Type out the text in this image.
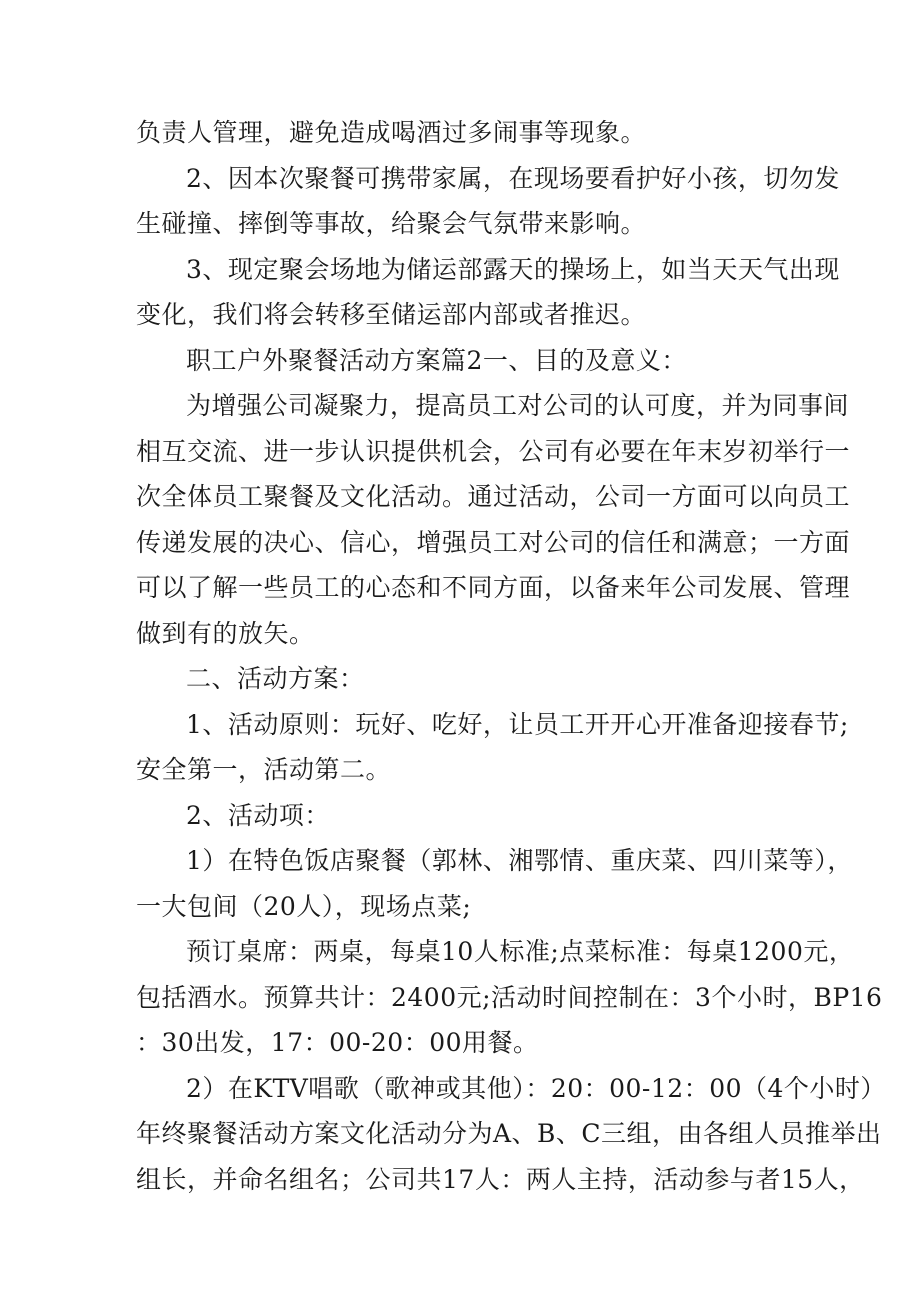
负责人管理，避免造成喝酒过多闹事等现象。
2、因本次聚餐可携带家属，在现场要看护好小孩，切勿发
生碰撞、摔倒等事故，给聚会气氛带来影响。
3、现定聚会场地为储运部露天的操场上，如当天天气出现
变化，我们将会转移至储运部内部或者推迟。
职工户外聚餐活动方案篇2一、目的及意义：
为增强公司凝聚力，提高员工对公司的认可度，并为同事间
相互交流、进一步认识提供机会，公司有必要在年末岁初举行一
次全体员工聚餐及文化活动。通过活动，公司一方面可以向员工
传递发展的决心、信心，增强员工对公司的信任和满意；一方面
可以了解一些员工的心态和不同方面，以备来年公司发展、管理
做到有的放矢。
二、活动方案：
1、活动原则：玩好、吃好，让员工开开心开准备迎接春节;
安全第一，活动第二。
2、活动项：
1）在特色饭店聚餐（郭林、湘鄂情、重庆菜、四川菜等），
一大包间（20人），现场点菜;
预订桌席：两桌，每桌10人标准;点菜标准：每桌1200元，
包括酒水。预算共计：2400元;活动时间控制在：3个小时，BP16
：30出发，17：00-20：00用餐。
2）在KTV唱歌（歌神或其他）：20：00-12：00（4个小时）
年终聚餐活动方案文化活动分为A、B、C三组，由各组人员推举出
组长，并命名组名；公司共17人：两人主持，活动参与者15人，
